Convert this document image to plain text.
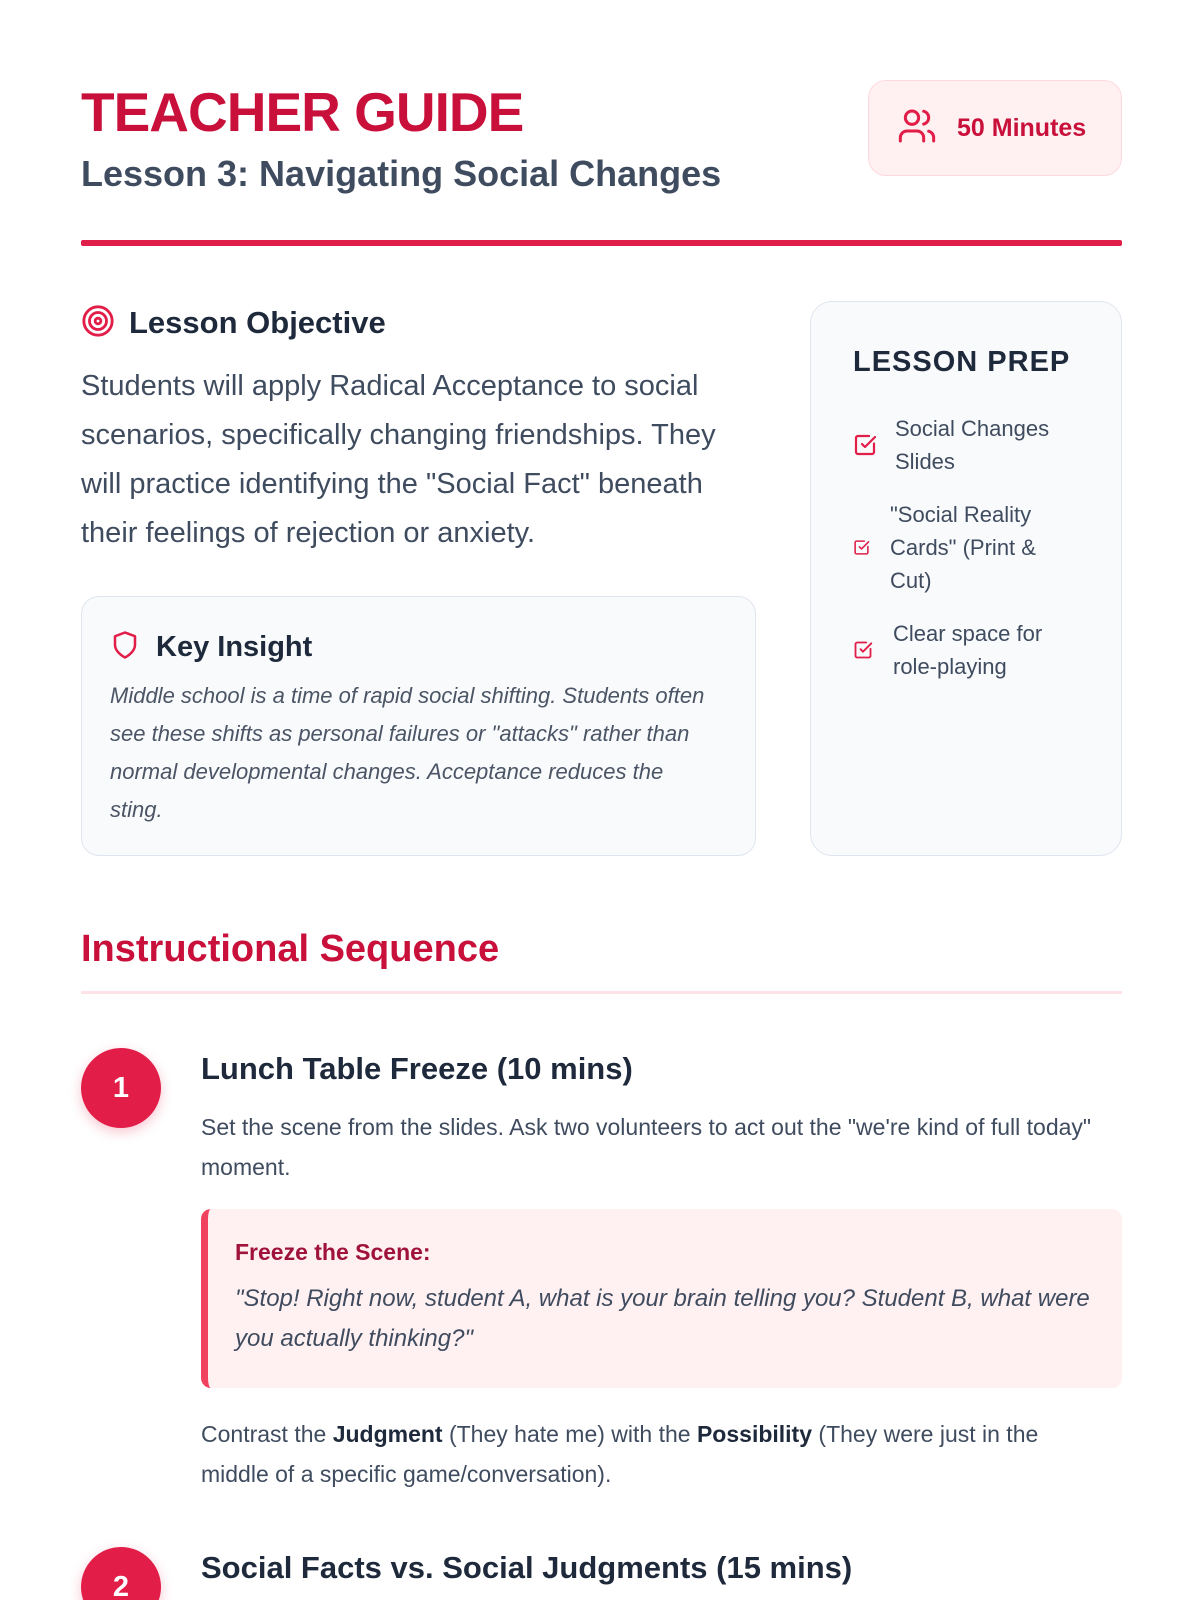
TEACHER GUIDE
Lesson 3: Navigating Social Changes
50 Minutes
Lesson Objective

Students will apply Radical Acceptance to social scenarios, specifically changing friendships. They will practice identifying the "Social Fact" beneath their feelings of rejection or anxiety.

Key Insight

Middle school is a time of rapid social shifting. Students often see these shifts as personal failures or "attacks" rather than normal developmental changes. Acceptance reduces the sting.

LESSON PREP
Social Changes Slides
"Social Reality Cards" (Print & Cut)
Clear space for role-playing
Instructional Sequence
1
Lunch Table Freeze (10 mins)

Set the scene from the slides. Ask two volunteers to act out the "we're kind of full today" moment.

Freeze the Scene:

"Stop! Right now, student A, what is your brain telling you? Student B, what were you actually thinking?"

Contrast the Judgment (They hate me) with the Possibility (They were just in the middle of a specific game/conversation).

2
Social Facts vs. Social Judgments (15 mins)
